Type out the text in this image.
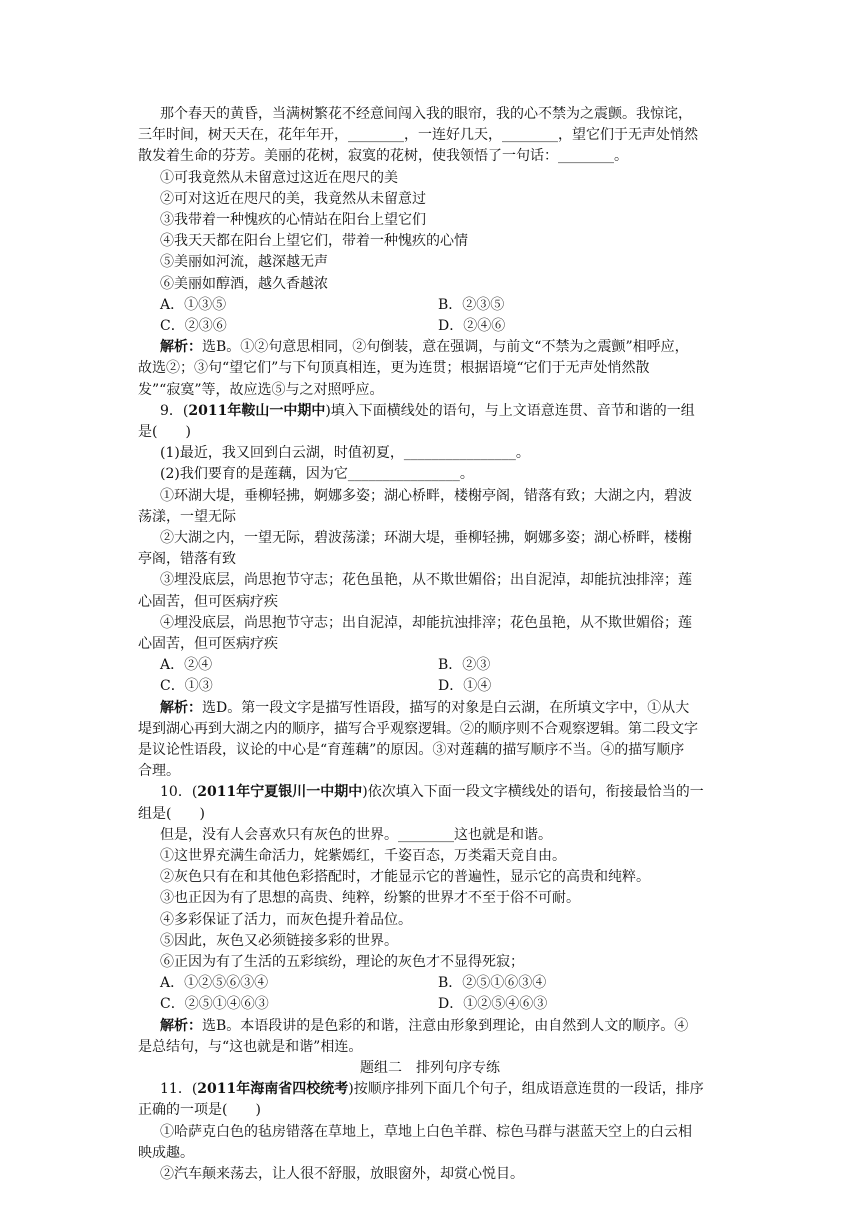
那个春天的黄昏，当满树繁花不经意间闯入我的眼帘，我的心不禁为之震颤。我惊诧，
三年时间，树天天在，花年年开，________，一连好几天，________，望它们于无声处悄然
散发着生命的芬芳。美丽的花树，寂寞的花树，使我领悟了一句话：________。
①可我竟然从未留意过这近在咫尺的美
②可对这近在咫尺的美，我竟然从未留意过
③我带着一种愧疚的心情站在阳台上望它们
④我天天都在阳台上望它们，带着一种愧疚的心情
⑤美丽如河流，越深越无声
⑥美丽如醇酒，越久香越浓
A．①③⑤	B．②③⑤
C．②③⑥	D．②④⑥
解析：选B。①②句意思相同，②句倒装，意在强调，与前文“不禁为之震颤”相呼应，
故选②；③句“望它们”与下句顶真相连，更为连贯；根据语境“它们于无声处悄然散
发”“寂寞”等，故应选⑤与之对照呼应。
9．(2011年鞍山一中期中)填入下面横线处的语句，与上文语意连贯、音节和谐的一组
是(　　)
(1)最近，我又回到白云湖，时值初夏，________________。
(2)我们要育的是莲藕，因为它________________。
①环湖大堤，垂柳轻拂，婀娜多姿；湖心桥畔，楼榭亭阁，错落有致；大湖之内，碧波
荡漾，一望无际
②大湖之内，一望无际，碧波荡漾；环湖大堤，垂柳轻拂，婀娜多姿；湖心桥畔，楼榭
亭阁，错落有致
③埋没底层，尚思抱节守志；花色虽艳，从不欺世媚俗；出自泥淖，却能抗浊排滓；莲
心固苦，但可医病疗疾
④埋没底层，尚思抱节守志；出自泥淖，却能抗浊排滓；花色虽艳，从不欺世媚俗；莲
心固苦，但可医病疗疾
A．②④	B．②③
C．①③	D．①④
解析：选D。第一段文字是描写性语段，描写的对象是白云湖，在所填文字中，①从大
堤到湖心再到大湖之内的顺序，描写合乎观察逻辑。②的顺序则不合观察逻辑。第二段文字
是议论性语段，议论的中心是“育莲藕”的原因。③对莲藕的描写顺序不当。④的描写顺序
合理。
10．(2011年宁夏银川一中期中)依次填入下面一段文字横线处的语句，衔接最恰当的一
组是(　　)
但是，没有人会喜欢只有灰色的世界。________这也就是和谐。
①这世界充满生命活力，姹紫嫣红，千姿百态，万类霜天竞自由。
②灰色只有在和其他色彩搭配时，才能显示它的普遍性，显示它的高贵和纯粹。
③也正因为有了思想的高贵、纯粹，纷繁的世界才不至于俗不可耐。
④多彩保证了活力，而灰色提升着品位。
⑤因此，灰色又必须链接多彩的世界。
⑥正因为有了生活的五彩缤纷，理论的灰色才不显得死寂；
A．①②⑤⑥③④	B．②⑤①⑥③④
C．②⑤①④⑥③	D．①②⑤④⑥③
解析：选B。本语段讲的是色彩的和谐，注意由形象到理论，由自然到人文的顺序。④
是总结句，与“这也就是和谐”相连。
题组二　排列句序专练
11．(2011年海南省四校统考)按顺序排列下面几个句子，组成语意连贯的一段话，排序
正确的一项是(　　)
①哈萨克白色的毡房错落在草地上，草地上白色羊群、棕色马群与湛蓝天空上的白云相
映成趣。
②汽车颠来荡去，让人很不舒服，放眼窗外，却赏心悦目。
